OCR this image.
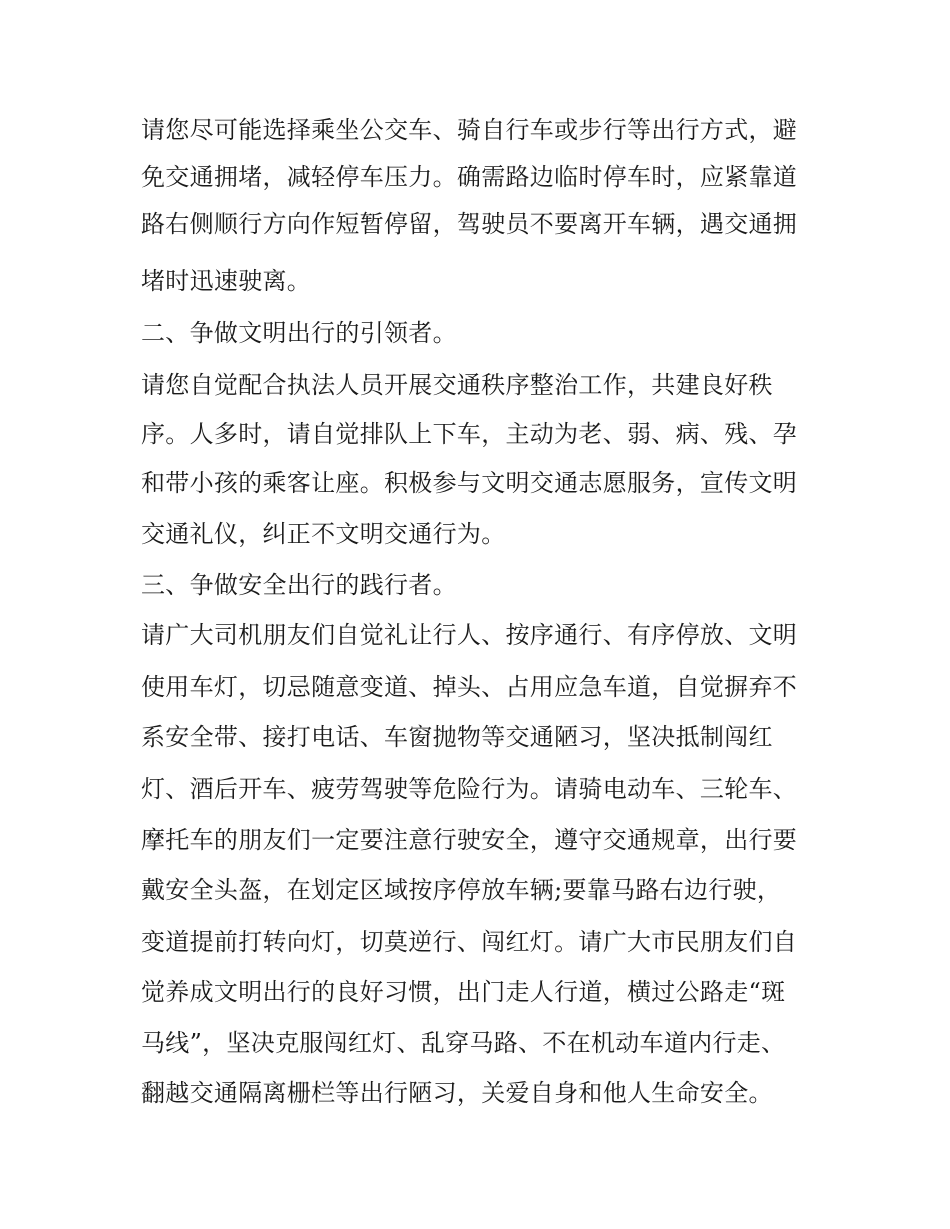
请您尽可能选择乘坐公交车、骑自行车或步行等出行方式，避
免交通拥堵，减轻停车压力。确需路边临时停车时，应紧靠道
路右侧顺行方向作短暂停留，驾驶员不要离开车辆，遇交通拥
堵时迅速驶离。
二、争做文明出行的引领者。
请您自觉配合执法人员开展交通秩序整治工作，共建良好秩
序。人多时，请自觉排队上下车，主动为老、弱、病、残、孕
和带小孩的乘客让座。积极参与文明交通志愿服务，宣传文明
交通礼仪，纠正不文明交通行为。
三、争做安全出行的践行者。
请广大司机朋友们自觉礼让行人、按序通行、有序停放、文明
使用车灯，切忌随意变道、掉头、占用应急车道，自觉摒弃不
系安全带、接打电话、车窗抛物等交通陋习，坚决抵制闯红
灯、酒后开车、疲劳驾驶等危险行为。请骑电动车、三轮车、
摩托车的朋友们一定要注意行驶安全，遵守交通规章，出行要
戴安全头盔，在划定区域按序停放车辆;要靠马路右边行驶，
变道提前打转向灯，切莫逆行、闯红灯。请广大市民朋友们自
觉养成文明出行的良好习惯，出门走人行道，横过公路走“斑
马线”，坚决克服闯红灯、乱穿马路、不在机动车道内行走、
翻越交通隔离栅栏等出行陋习，关爱自身和他人生命安全。
